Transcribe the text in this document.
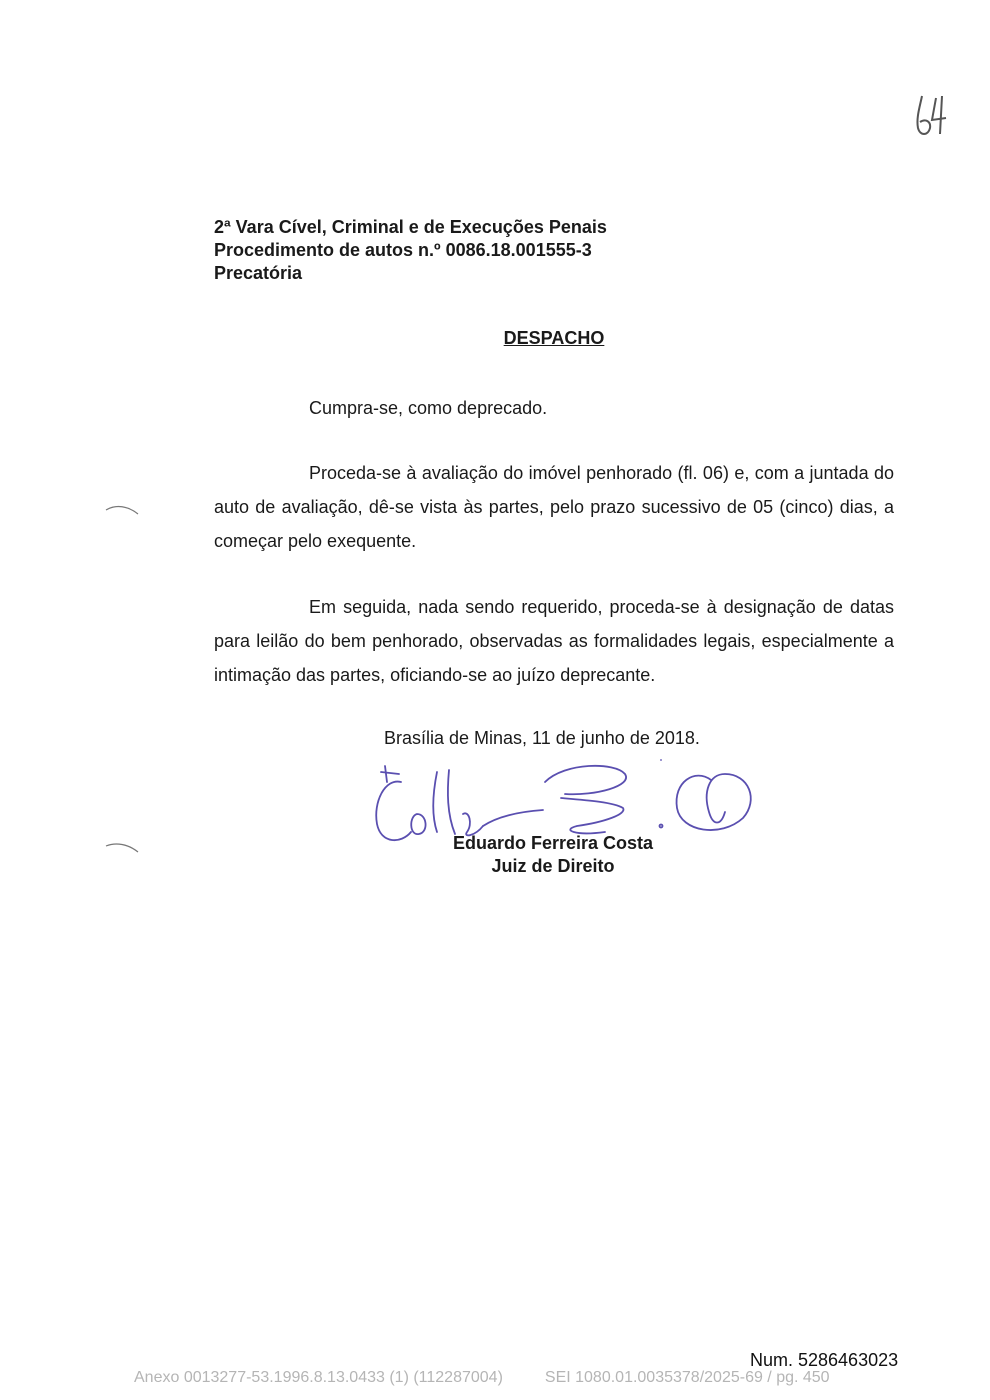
2ª Vara Cível, Criminal e de Execuções Penais
Procedimento de autos n.º 0086.18.001555-3
Precatória
DESPACHO
Cumpra-se, como deprecado.
Proceda-se à avaliação do imóvel penhorado (fl. 06) e, com a juntada do auto de avaliação, dê-se vista às partes, pelo prazo sucessivo de 05 (cinco) dias, a começar pelo exequente.
Em seguida, nada sendo requerido, proceda-se à designação de datas para leilão do bem penhorado, observadas as formalidades legais, especialmente a intimação das partes, oficiando-se ao juízo deprecante.
Brasília de Minas, 11 de junho de 2018.
Eduardo Ferreira Costa
Juiz de Direito
Num. 5286463023
Anexo 0013277-53.1996.8.13.0433 (1) (112287004)	SEI 1080.01.0035378/2025-69 / pg. 450
